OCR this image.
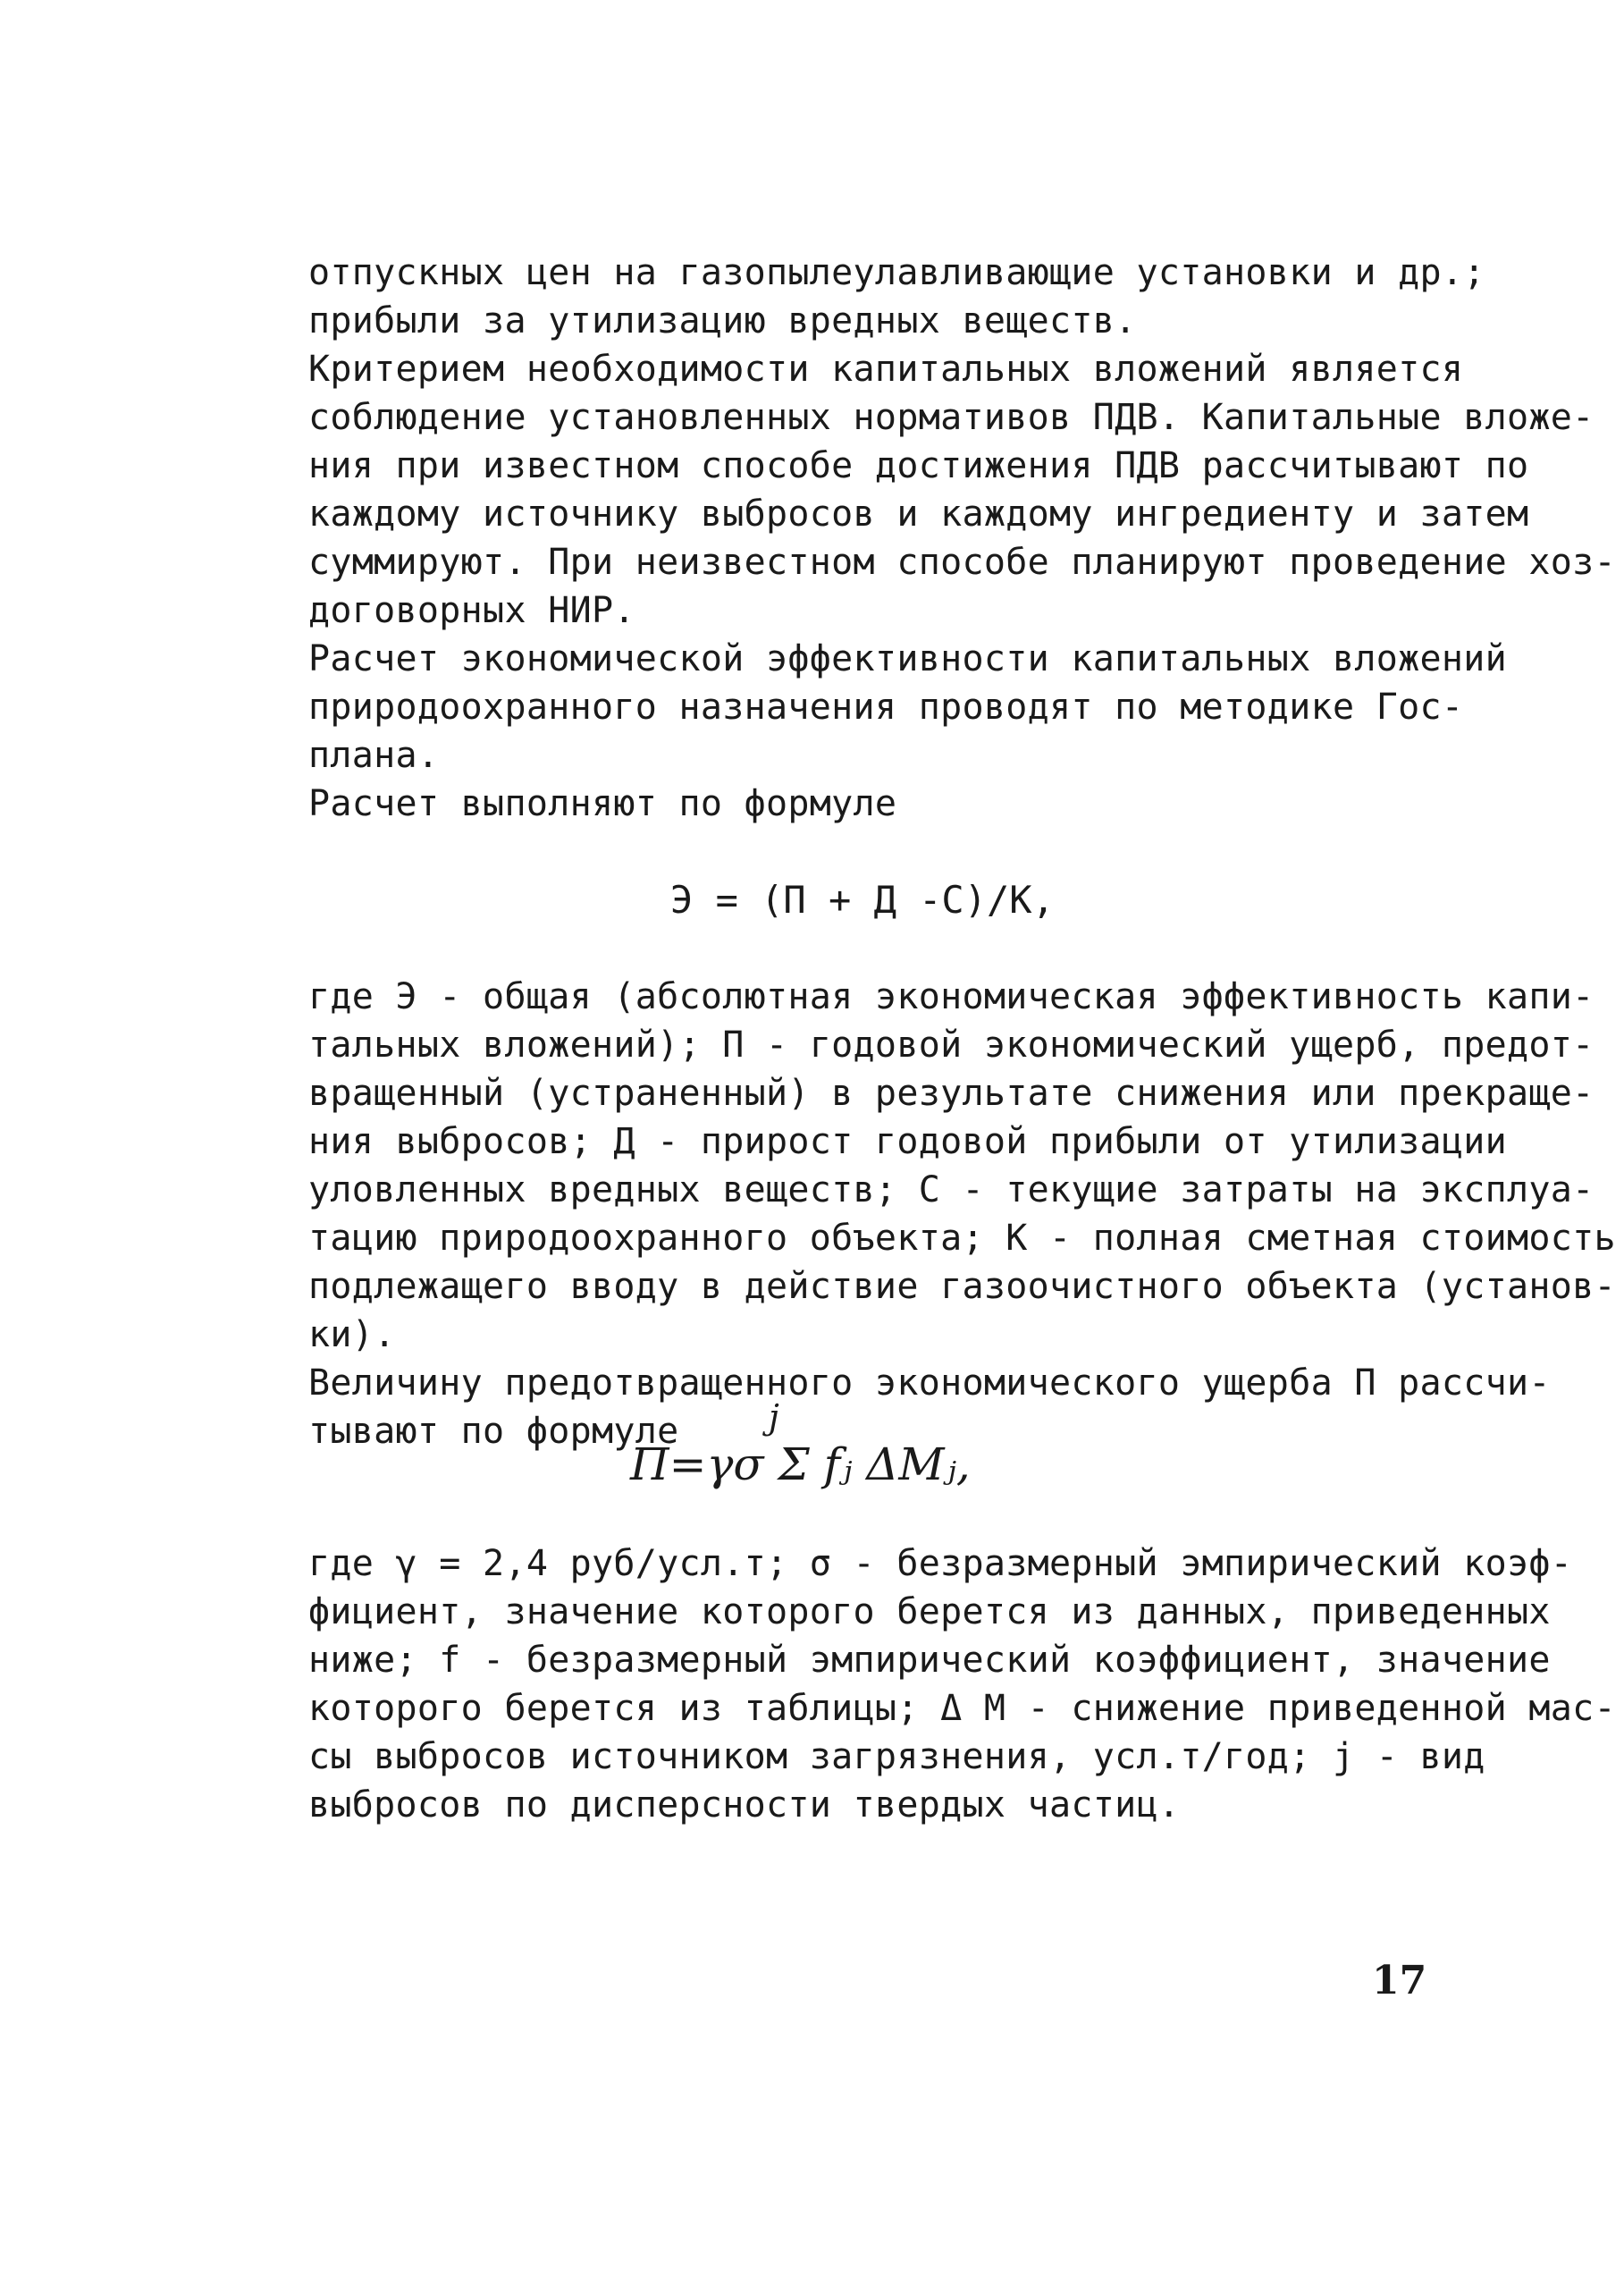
отпускных цен на газопылеулавливающие установки и др.;
прибыли за утилизацию вредных веществ.
Критерием необходимости капитальных вложений является
соблюдение установленных нормативов ПДВ. Капитальные вложе-
ния при известном способе достижения ПДВ рассчитывают по
каждому источнику выбросов и каждому ингредиенту и затем
суммируют. При неизвестном способе планируют проведение хоз-
договорных НИР.
Расчет экономической эффективности капитальных вложений
природоохранного назначения проводят по методике Гос-
плана.
Расчет выполняют по формуле
Э = (П + Д -С)/К,
где Э - общая (абсолютная экономическая эффективность капи-
тальных вложений); П - годовой экономический ущерб, предот-
вращенный (устраненный) в результате снижения или прекраще-
ния выбросов; Д - прирост годовой прибыли от утилизации
уловленных вредных веществ; С - текущие затраты на эксплуа-
тацию природоохранного объекта; К - полная сметная стоимость
подлежащего вводу в действие газоочистного объекта (установ-
ки).
Величину предотвращенного экономического ущерба П рассчи-
тывают по формуле	j
П=γσ Σ fⱼ ΔMⱼ,
где γ = 2,4 руб/усл.т; σ - безразмерный эмпирический коэф-
фициент, значение которого берется из данных, приведенных
ниже; f - безразмерный эмпирический коэффициент, значение
которого берется из таблицы; Δ M - снижение приведенной мас-
сы выбросов источником загрязнения, усл.т/год; j - вид
выбросов по дисперсности твердых частиц.
17
